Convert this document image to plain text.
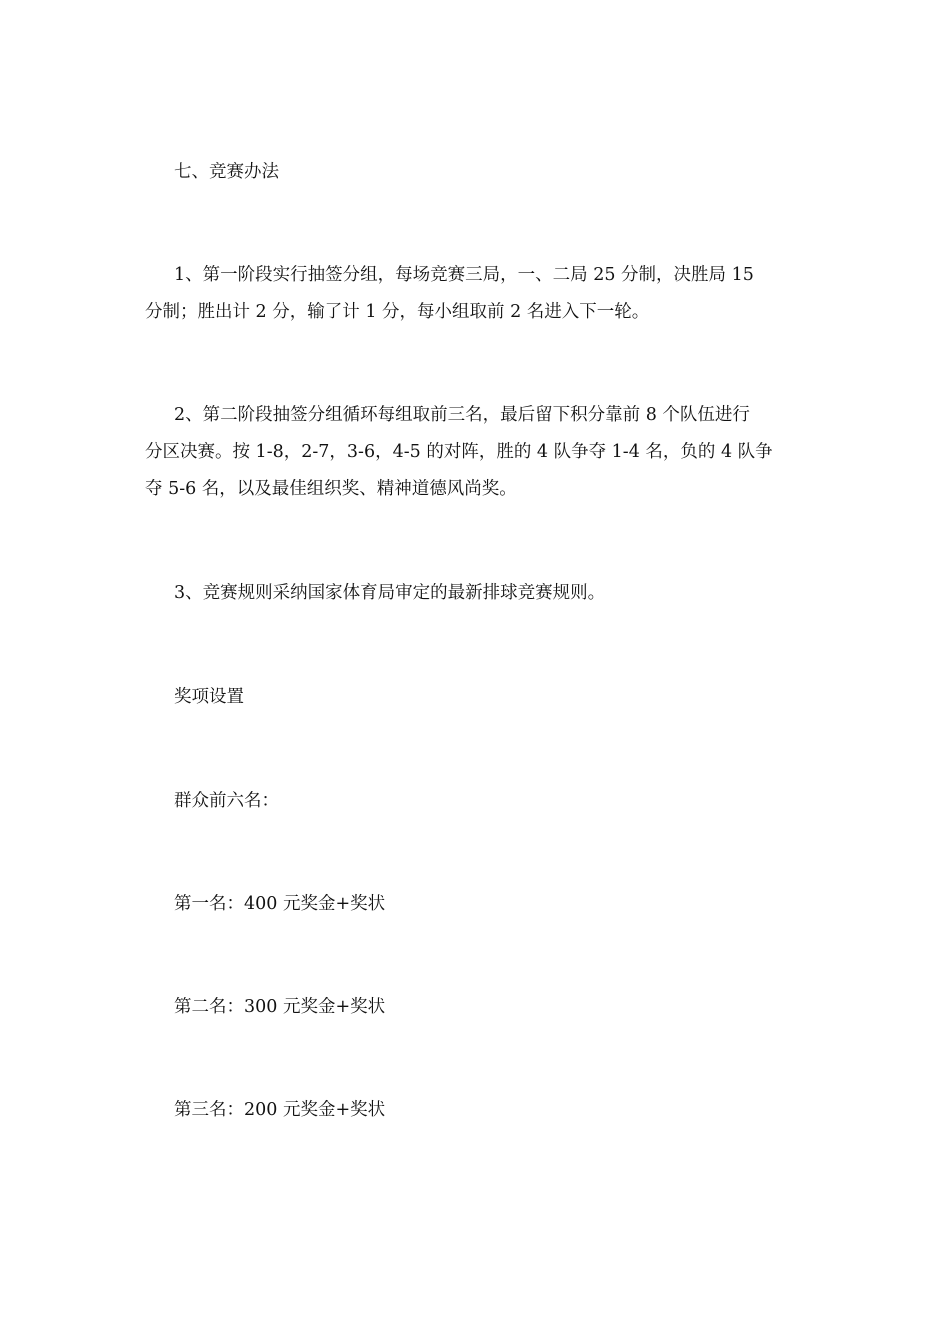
七、竞赛办法

1、第一阶段实行抽签分组，每场竞赛三局，一、二局 25 分制，决胜局 15
分制；胜出计 2 分，输了计 1 分，每小组取前 2 名进入下一轮。
2、第二阶段抽签分组循环每组取前三名，最后留下积分靠前 8 个队伍进行
分区决赛。按 1-8，2-7，3-6，4-5 的对阵，胜的 4 队争夺 1-4 名，负的 4 队争
夺 5-6 名，以及最佳组织奖、精神道德风尚奖。

3、竞赛规则采纳国家体育局审定的最新排球竞赛规则。

奖项设置

群众前六名：

第一名：400 元奖金+奖状

第二名：300 元奖金+奖状

第三名：200 元奖金+奖状
